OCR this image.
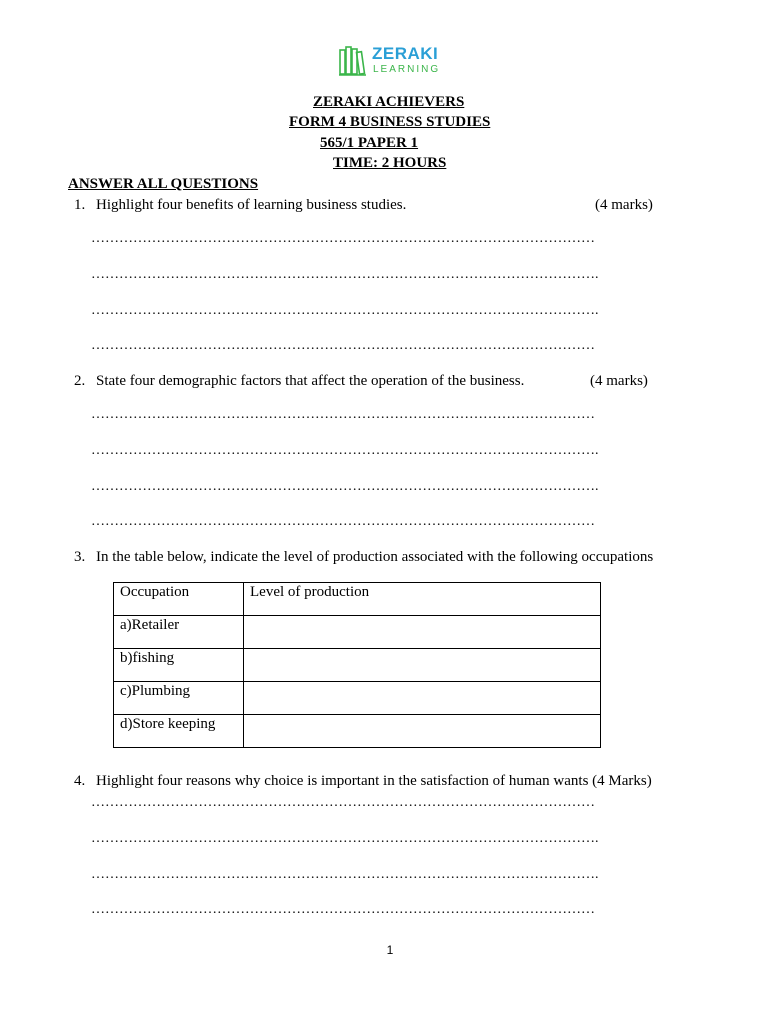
ZERAKI
LEARNING
ZERAKI ACHIEVERS
FORM 4 BUSINESS STUDIES
565/1 PAPER 1
TIME: 2 HOURS
ANSWER ALL QUESTIONS
1. Highlight four benefits of learning business studies.	(4 marks)
………………………………………………………………………………………………
……………………………………………………………………………………………….
……………………………………………………………………………………………….
………………………………………………………………………………………………
2. State four demographic factors that affect the operation of the business.	(4 marks)
………………………………………………………………………………………………
……………………………………………………………………………………………….
……………………………………………………………………………………………….
………………………………………………………………………………………………
3. In the table below, indicate the level of production associated with the following occupations
Occupation	Level of production
a)Retailer	
b)fishing	
c)Plumbing	
d)Store keeping	
4. Highlight four reasons why choice is important in the satisfaction of human wants (4 Marks)
………………………………………………………………………………………………
……………………………………………………………………………………………….
……………………………………………………………………………………………….
………………………………………………………………………………………………
1
